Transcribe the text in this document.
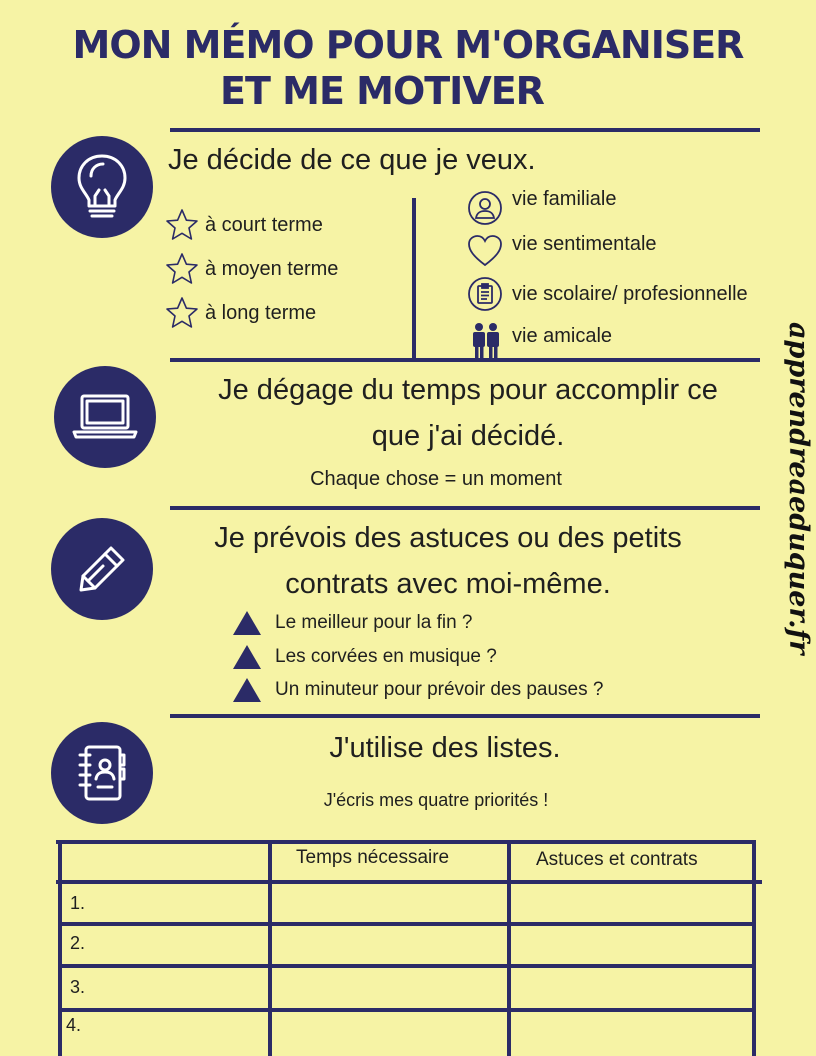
MON MÉMO POUR M'ORGANISER
ET ME MOTIVER
Je décide de ce que je veux.
à court terme
à moyen terme
à long terme
vie familiale
vie sentimentale
vie scolaire/ profesionnelle
vie amicale	apprendreaeduquer.fr
Je dégage du temps pour accomplir ce
que j'ai décidé.
Chaque chose = un moment
Je prévois des astuces ou des petits
contrats avec moi-même.
Le meilleur pour la fin ?
Les corvées en musique ?
Un minuteur pour prévoir des pauses ?
J'utilise des listes.
J'écris mes quatre priorités !
Temps nécessaire	Astuces et contrats
1.
2.
3.
4.
